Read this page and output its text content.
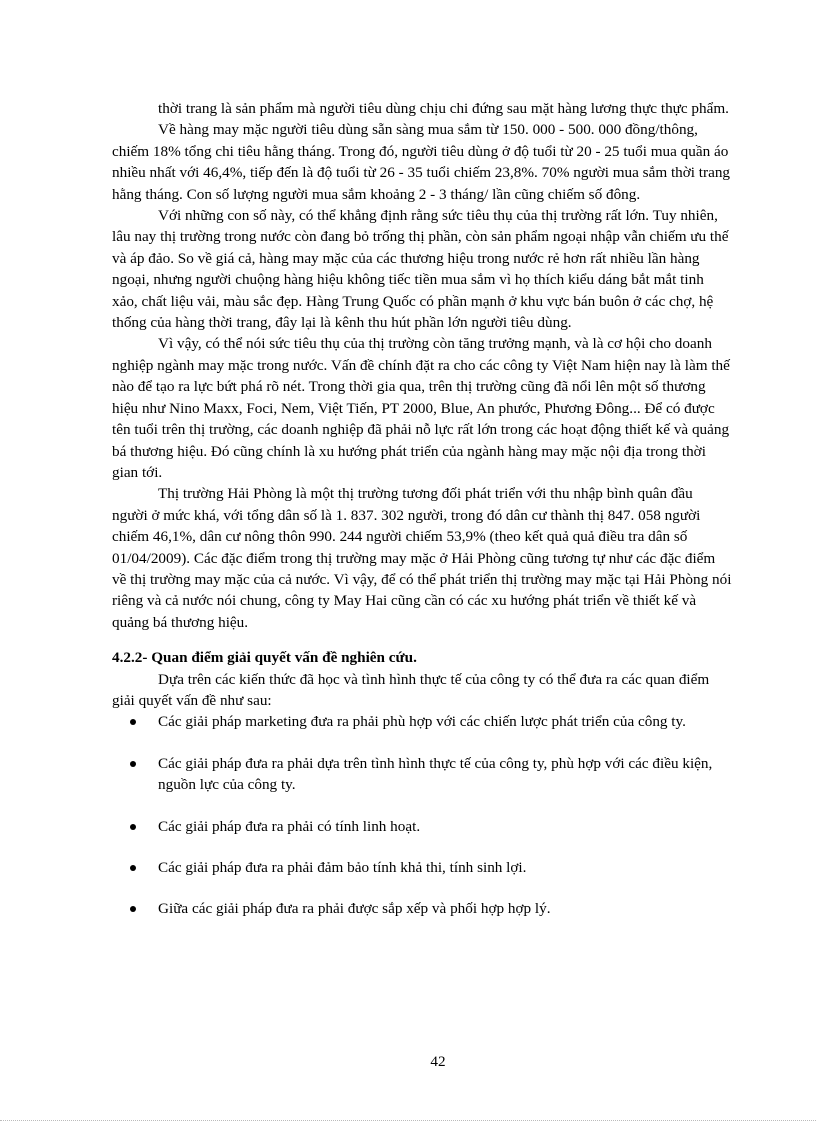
thời trang là sản phẩm mà người tiêu dùng chịu chi đứng sau mặt hàng lương thực thực phẩm.

Về hàng may mặc người tiêu dùng sẵn sàng mua sắm từ 150. 000 - 500. 000 đồng/thông, chiếm 18% tổng chi tiêu hằng tháng. Trong đó, người tiêu dùng ở độ tuổi từ 20 - 25 tuổi mua quần áo nhiều nhất với 46,4%, tiếp đến là độ tuổi từ 26 - 35 tuổi chiếm 23,8%. 70% người mua sắm thời trang hằng tháng. Con số lượng người mua sắm khoảng 2 - 3 tháng/ lần cũng chiếm số đông.

Với những con số này, có thể khẳng định rằng sức tiêu thụ của thị trường rất lớn. Tuy nhiên, lâu nay thị trường trong nước còn đang bỏ trống thị phần, còn sản phẩm ngoại nhập vẫn chiếm ưu thế và áp đảo. So về giá cả, hàng may mặc của các thương hiệu trong nước rẻ hơn rất nhiều lần hàng ngoại, nhưng người chuộng hàng hiệu không tiếc tiền mua sắm vì họ thích kiểu dáng bắt mắt tinh xảo, chất liệu vải, màu sắc đẹp. Hàng Trung Quốc có phần mạnh ở khu vực bán buôn ở các chợ, hệ thống của hàng thời trang, đây lại là kênh thu hút phần lớn người tiêu dùng.

Vì vậy, có thể nói sức tiêu thụ của thị trường còn tăng trưởng mạnh, và là cơ hội cho doanh nghiệp ngành may mặc trong nước. Vấn đề chính đặt ra cho các công ty Việt Nam hiện nay là làm thế nào để tạo ra lực bứt phá rõ nét. Trong thời gia qua, trên thị trường cũng đã nổi lên một số thương hiệu như Nino Maxx, Foci, Nem, Việt Tiến, PT 2000, Blue, An phước, Phương Đông... Để có được tên tuổi trên thị trường, các doanh nghiệp đã phải nỗ lực rất lớn trong các hoạt động thiết kế và quảng bá thương hiệu. Đó cũng chính là xu hướng phát triển của ngành hàng may mặc nội địa trong thời gian tới.

Thị trường Hải Phòng là một thị trường tương đối phát triển với thu nhập bình quân đầu người ở mức khá, với tổng dân số là 1. 837. 302 người, trong đó dân cư thành thị 847. 058 người chiếm 46,1%, dân cư nông thôn 990. 244 người chiếm 53,9% (theo kết quả quả điều tra dân số 01/04/2009). Các đặc điểm trong thị trường may mặc ở Hải Phòng cũng tương tự như các đặc điểm về thị trường may mặc của cả nước. Vì vậy, để có thể phát triển thị trường may mặc tại Hải Phòng nói riêng và cả nước nói chung, công ty May Hai cũng cần có các xu hướng phát triển về thiết kế và quảng bá thương hiệu.

4.2.2- Quan điểm giải quyết vấn đề nghiên cứu.

Dựa trên các kiến thức đã học và tình hình thực tế của công ty có thể đưa ra các quan điểm giải quyết vấn đề như sau:

Các giải pháp marketing đưa ra phải phù hợp với các chiến lược phát triển của công ty.
Các giải pháp đưa ra phải dựa trên tình hình thực tế của công ty, phù hợp với các điều kiện, nguồn lực của công ty.
Các giải pháp đưa ra phải có tính linh hoạt.
Các giải pháp đưa ra phải đảm bảo tính khả thi, tính sinh lợi.
Giữa các giải pháp đưa ra phải được sắp xếp và phối hợp hợp lý.
42
